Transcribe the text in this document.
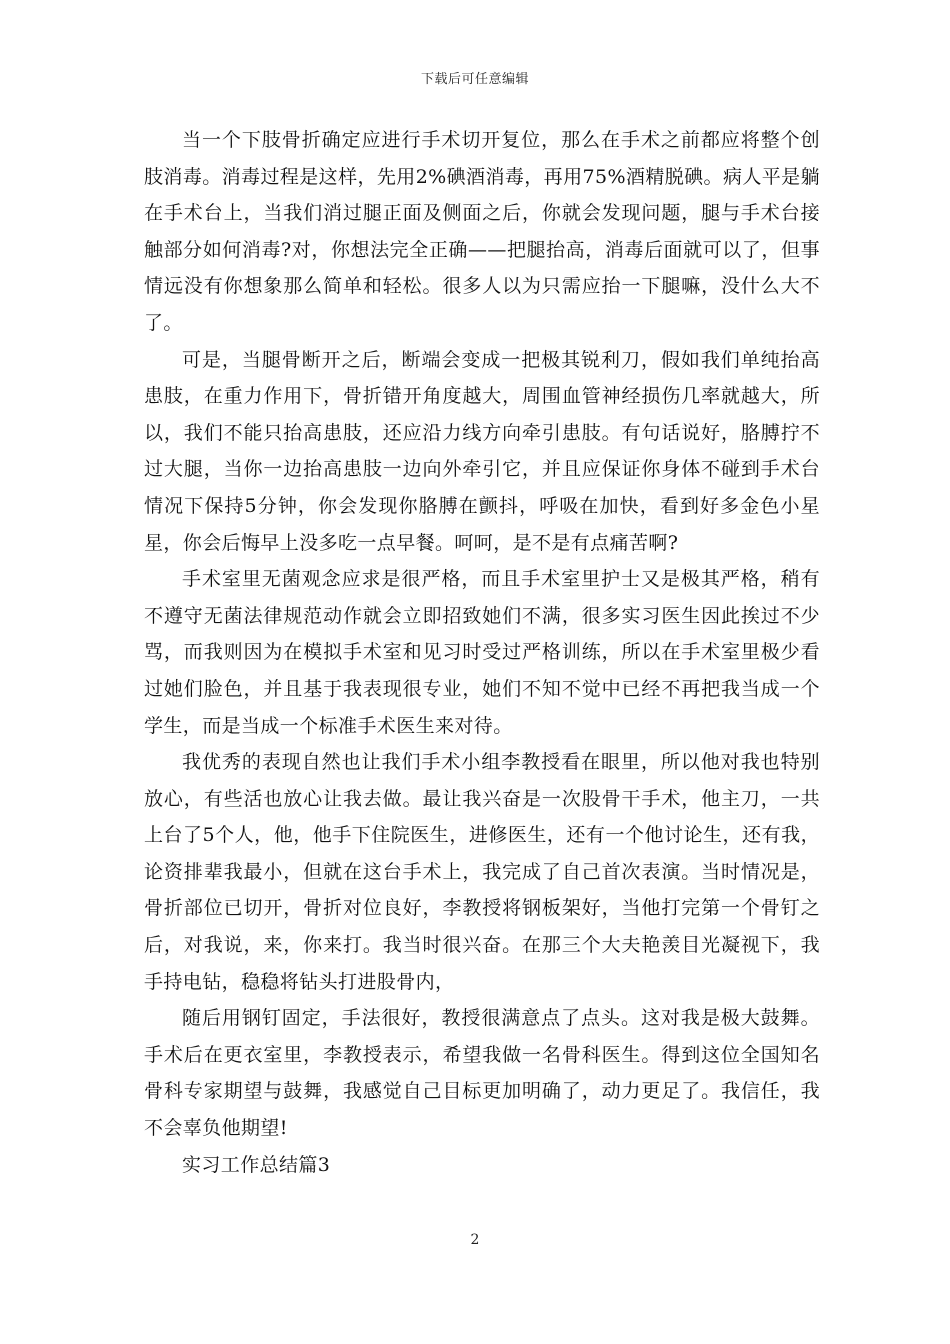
下载后可任意编辑

当一个下肢骨折确定应进行手术切开复位，那么在手术之前都应将整个创肢消毒。消毒过程是这样，先用2%碘酒消毒，再用75%酒精脱碘。病人平是躺在手术台上，当我们消过腿正面及侧面之后，你就会发现问题，腿与手术台接触部分如何消毒?对，你想法完全正确——把腿抬高，消毒后面就可以了，但事情远没有你想象那么简单和轻松。很多人以为只需应抬一下腿嘛，没什么大不了。

可是，当腿骨断开之后，断端会变成一把极其锐利刀，假如我们单纯抬高患肢，在重力作用下，骨折错开角度越大，周围血管神经损伤几率就越大，所以，我们不能只抬高患肢，还应沿力线方向牵引患肢。有句话说好，胳膊拧不过大腿，当你一边抬高患肢一边向外牵引它，并且应保证你身体不碰到手术台情况下保持5分钟，你会发现你胳膊在颤抖，呼吸在加快，看到好多金色小星星，你会后悔早上没多吃一点早餐。呵呵，是不是有点痛苦啊?

手术室里无菌观念应求是很严格，而且手术室里护士又是极其严格，稍有不遵守无菌法律规范动作就会立即招致她们不满，很多实习医生因此挨过不少骂，而我则因为在模拟手术室和见习时受过严格训练，所以在手术室里极少看过她们脸色，并且基于我表现很专业，她们不知不觉中已经不再把我当成一个学生，而是当成一个标准手术医生来对待。

我优秀的表现自然也让我们手术小组李教授看在眼里，所以他对我也特别放心，有些活也放心让我去做。最让我兴奋是一次股骨干手术，他主刀，一共上台了5个人，他，他手下住院医生，进修医生，还有一个他讨论生，还有我，论资排辈我最小，但就在这台手术上，我完成了自己首次表演。当时情况是，骨折部位已切开，骨折对位良好，李教授将钢板架好，当他打完第一个骨钉之后，对我说，来，你来打。我当时很兴奋。在那三个大夫艳羡目光凝视下，我手持电钻，稳稳将钻头打进股骨内，

随后用钢钉固定，手法很好，教授很满意点了点头。这对我是极大鼓舞。手术后在更衣室里，李教授表示，希望我做一名骨科医生。得到这位全国知名骨科专家期望与鼓舞，我感觉自己目标更加明确了，动力更足了。我信任，我不会辜负他期望!

实习工作总结篇3

2
